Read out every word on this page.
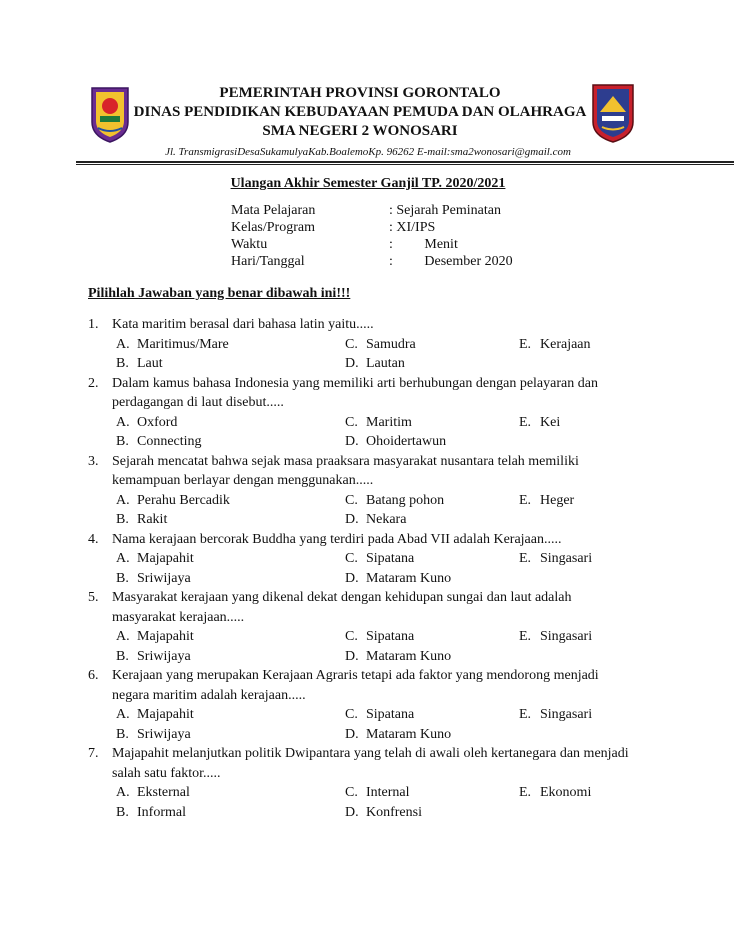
PEMERINTAH PROVINSI GORONTALO
DINAS PENDIDIKAN KEBUDAYAAN PEMUDA DAN OLAHRAGA
SMA NEGERI 2 WONOSARI
Jl. TransmigrasiDesaSukamulyaKab.BoalemoKp. 96262 E-mail:sma2wonosari@gmail.com
Ulangan Akhir Semester Ganjil TP. 2020/2021
Mata Pelajaran	: Sejarah Peminatan
Kelas/Program	: XI/IPS
Waktu	:         Menit
Hari/Tanggal	:         Desember 2020
Pilihlah Jawaban yang benar dibawah ini!!!
1. Kata maritim berasal dari bahasa latin yaitu.....
A. Maritimus/Mare	C. Samudra	E. Kerajaan
B. Laut	D. Lautan
2. Dalam kamus bahasa Indonesia yang memiliki arti berhubungan dengan pelayaran dan
perdagangan di laut disebut.....
A. Oxford	C. Maritim	E. Kei
B. Connecting	D. Ohoidertawun
3. Sejarah mencatat bahwa sejak masa praaksara masyarakat nusantara telah memiliki
kemampuan berlayar dengan menggunakan.....
A. Perahu Bercadik	C. Batang pohon	E. Heger
B. Rakit	D. Nekara
4. Nama kerajaan bercorak Buddha yang terdiri pada Abad VII adalah Kerajaan.....
A. Majapahit	C. Sipatana	E. Singasari
B. Sriwijaya	D. Mataram Kuno
5. Masyarakat kerajaan yang dikenal dekat dengan kehidupan sungai dan laut adalah
masyarakat kerajaan.....
A. Majapahit	C. Sipatana	E. Singasari
B. Sriwijaya	D. Mataram Kuno
6. Kerajaan yang merupakan Kerajaan Agraris tetapi ada faktor yang mendorong menjadi
negara maritim adalah kerajaan.....
A. Majapahit	C. Sipatana	E. Singasari
B. Sriwijaya	D. Mataram Kuno
7. Majapahit melanjutkan politik Dwipantara yang telah di awali oleh kertanegara dan menjadi
salah satu faktor.....
A. Eksternal	C. Internal	E. Ekonomi
B. Informal	D. Konfrensi
